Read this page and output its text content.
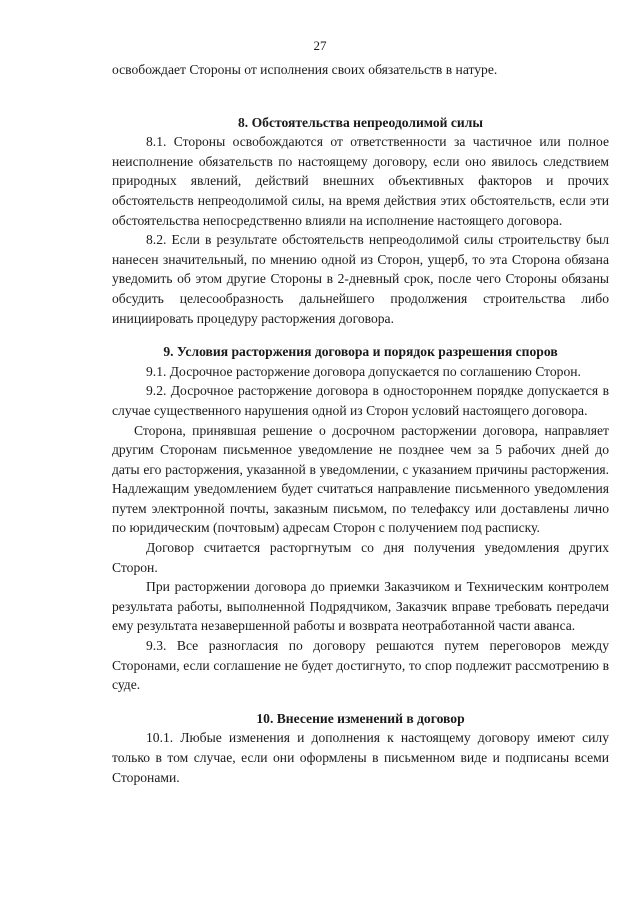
27

освобождает Стороны от исполнения своих обязательств в натуре.

8. Обстоятельства непреодолимой силы

8.1. Стороны освобождаются от ответственности за частичное или полное неисполнение обязательств по настоящему договору, если оно явилось следствием природных явлений, действий внешних объективных факторов и прочих обстоятельств непреодолимой силы, на время действия этих обстоятельств, если эти обстоятельства непосредственно влияли на исполнение настоящего договора.

8.2. Если в результате обстоятельств непреодолимой силы строительству был нанесен значительный, по мнению одной из Сторон, ущерб, то эта Сторона обязана уведомить об этом другие Стороны в 2-дневный срок, после чего Стороны обязаны обсудить целесообразность дальнейшего продолжения строительства либо инициировать процедуру расторжения договора.

9. Условия расторжения договора и порядок разрешения споров

9.1. Досрочное расторжение договора допускается по соглашению Сторон.

9.2. Досрочное расторжение договора в одностороннем порядке допускается в случае существенного нарушения одной из Сторон условий настоящего договора.

Сторона, принявшая решение о досрочном расторжении договора, направляет другим Сторонам письменное уведомление не позднее чем за 5 рабочих дней до даты его расторжения, указанной в уведомлении, с указанием причины расторжения. Надлежащим уведомлением будет считаться направление письменного уведомления путем электронной почты, заказным письмом, по телефаксу или доставлены лично по юридическим (почтовым) адресам Сторон с получением под расписку.

Договор считается расторгнутым со дня получения уведомления других Сторон.

При расторжении договора до приемки Заказчиком и Техническим контролем результата работы, выполненной Подрядчиком, Заказчик вправе требовать передачи ему результата незавершенной работы и возврата неотработанной части аванса.

9.3. Все разногласия по договору решаются путем переговоров между Сторонами, если соглашение не будет достигнуто, то спор подлежит рассмотрению в суде.

10. Внесение изменений в договор

10.1. Любые изменения и дополнения к настоящему договору имеют силу только в том случае, если они оформлены в письменном виде и подписаны всеми Сторонами.
